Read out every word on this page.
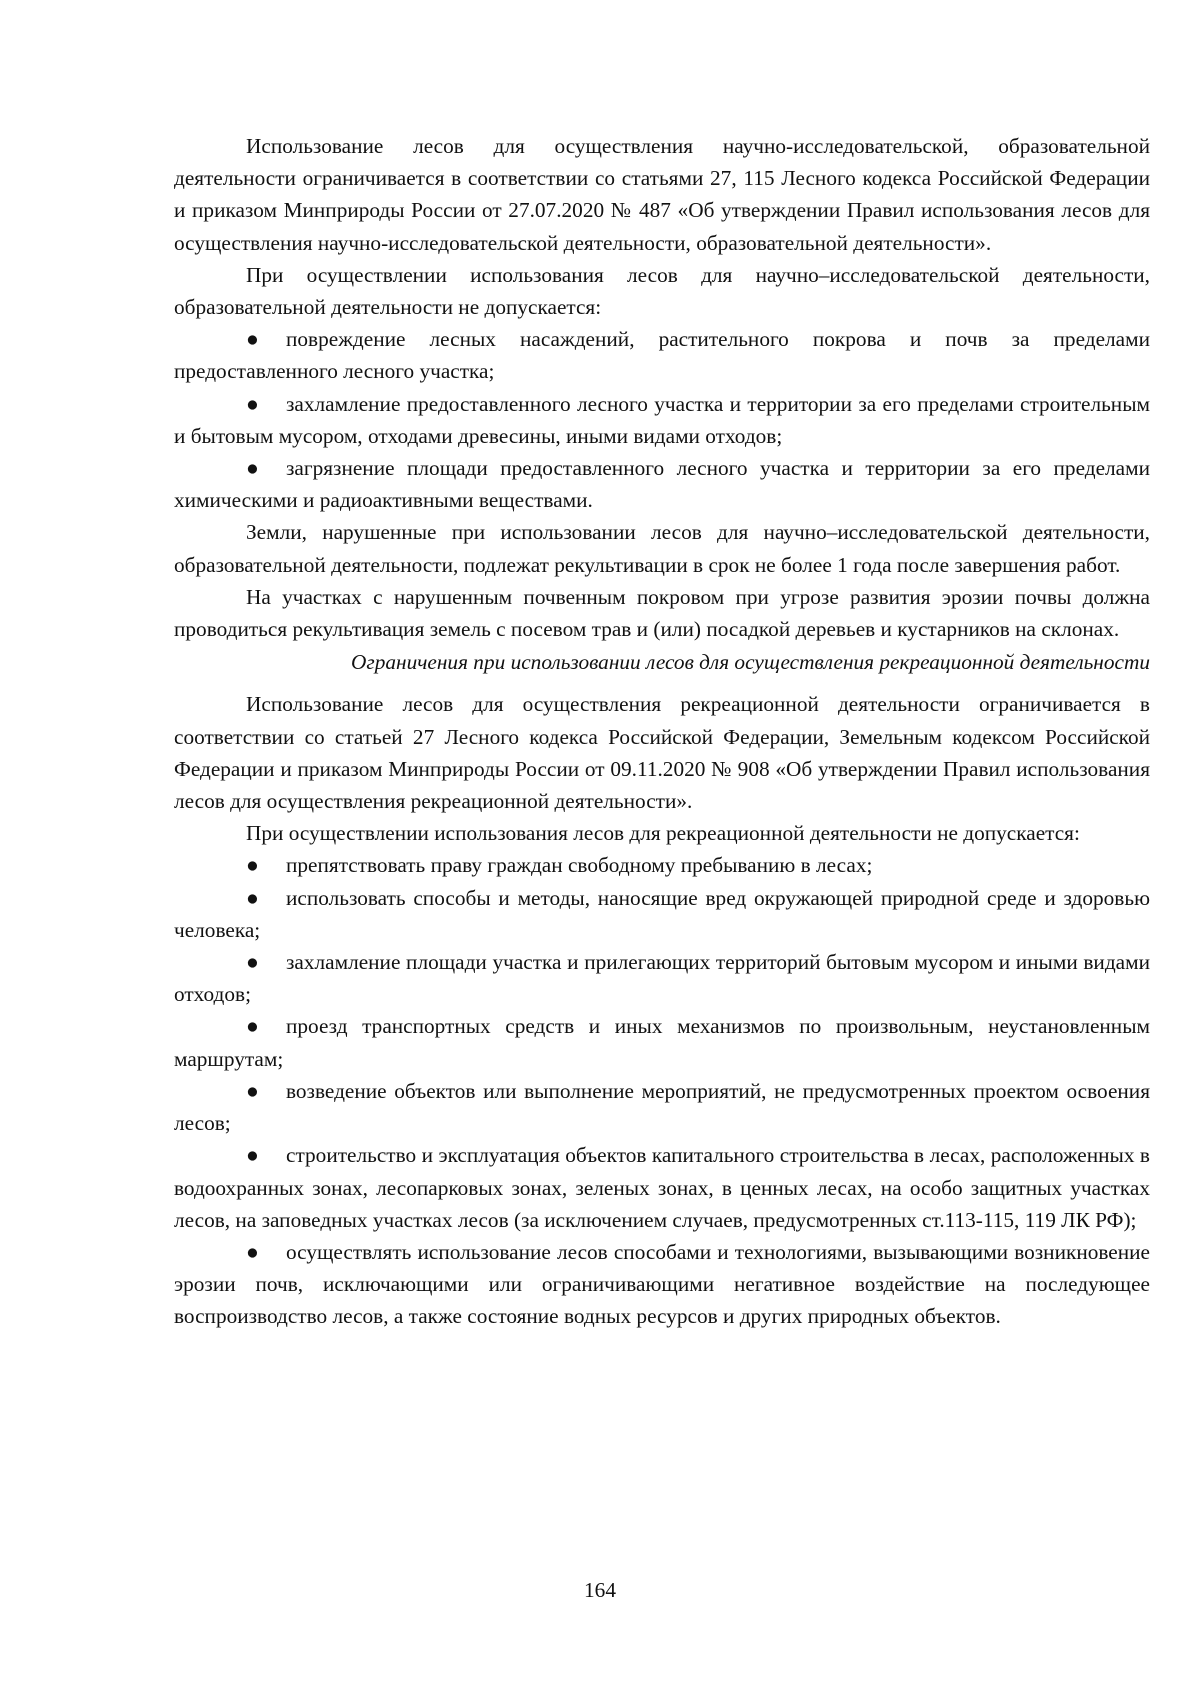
Использование лесов для осуществления научно-исследовательской, образовательной деятельности ограничивается в соответствии со статьями 27, 115 Лесного кодекса Российской Федерации и приказом Минприроды России от 27.07.2020 № 487 «Об утверждении Правил использования лесов для осуществления научно-исследовательской деятельности, образовательной деятельности».

При осуществлении использования лесов для научно–исследовательской деятельности, образовательной деятельности не допускается:

● повреждение лесных насаждений, растительного покрова и почв за пределами предоставленного лесного участка;

● захламление предоставленного лесного участка и территории за его пределами строительным и бытовым мусором, отходами древесины, иными видами отходов;

● загрязнение площади предоставленного лесного участка и территории за его пределами химическими и радиоактивными веществами.

Земли, нарушенные при использовании лесов для научно–исследовательской деятельности, образовательной деятельности, подлежат рекультивации в срок не более 1 года после завершения работ.

На участках с нарушенным почвенным покровом при угрозе развития эрозии почвы должна проводиться рекультивация земель с посевом трав и (или) посадкой деревьев и кустарников на склонах.

Ограничения при использовании лесов для осуществления рекреационной деятельности

Использование лесов для осуществления рекреационной деятельности ограничивается в соответствии со статьей 27 Лесного кодекса Российской Федерации, Земельным кодексом Российской Федерации и приказом Минприроды России от 09.11.2020 № 908 «Об утверждении Правил использования лесов для осуществления рекреационной деятельности».

При осуществлении использования лесов для рекреационной деятельности не допускается:

● препятствовать праву граждан свободному пребыванию в лесах;

● использовать способы и методы, наносящие вред окружающей природной среде и здоровью человека;

● захламление площади участка и прилегающих территорий бытовым мусором и иными видами отходов;

● проезд транспортных средств и иных механизмов по произвольным, неустановленным маршрутам;

● возведение объектов или выполнение мероприятий, не предусмотренных проектом освоения лесов;

● строительство и эксплуатация объектов капитального строительства в лесах, расположенных в водоохранных зонах, лесопарковых зонах, зеленых зонах, в ценных лесах, на особо защитных участках лесов, на заповедных участках лесов (за исключением случаев, предусмотренных ст.113-115, 119 ЛК РФ);

● осуществлять использование лесов способами и технологиями, вызывающими возникновение эрозии почв, исключающими или ограничивающими негативное воздействие на последующее воспроизводство лесов, а также состояние водных ресурсов и других природных объектов.

164
